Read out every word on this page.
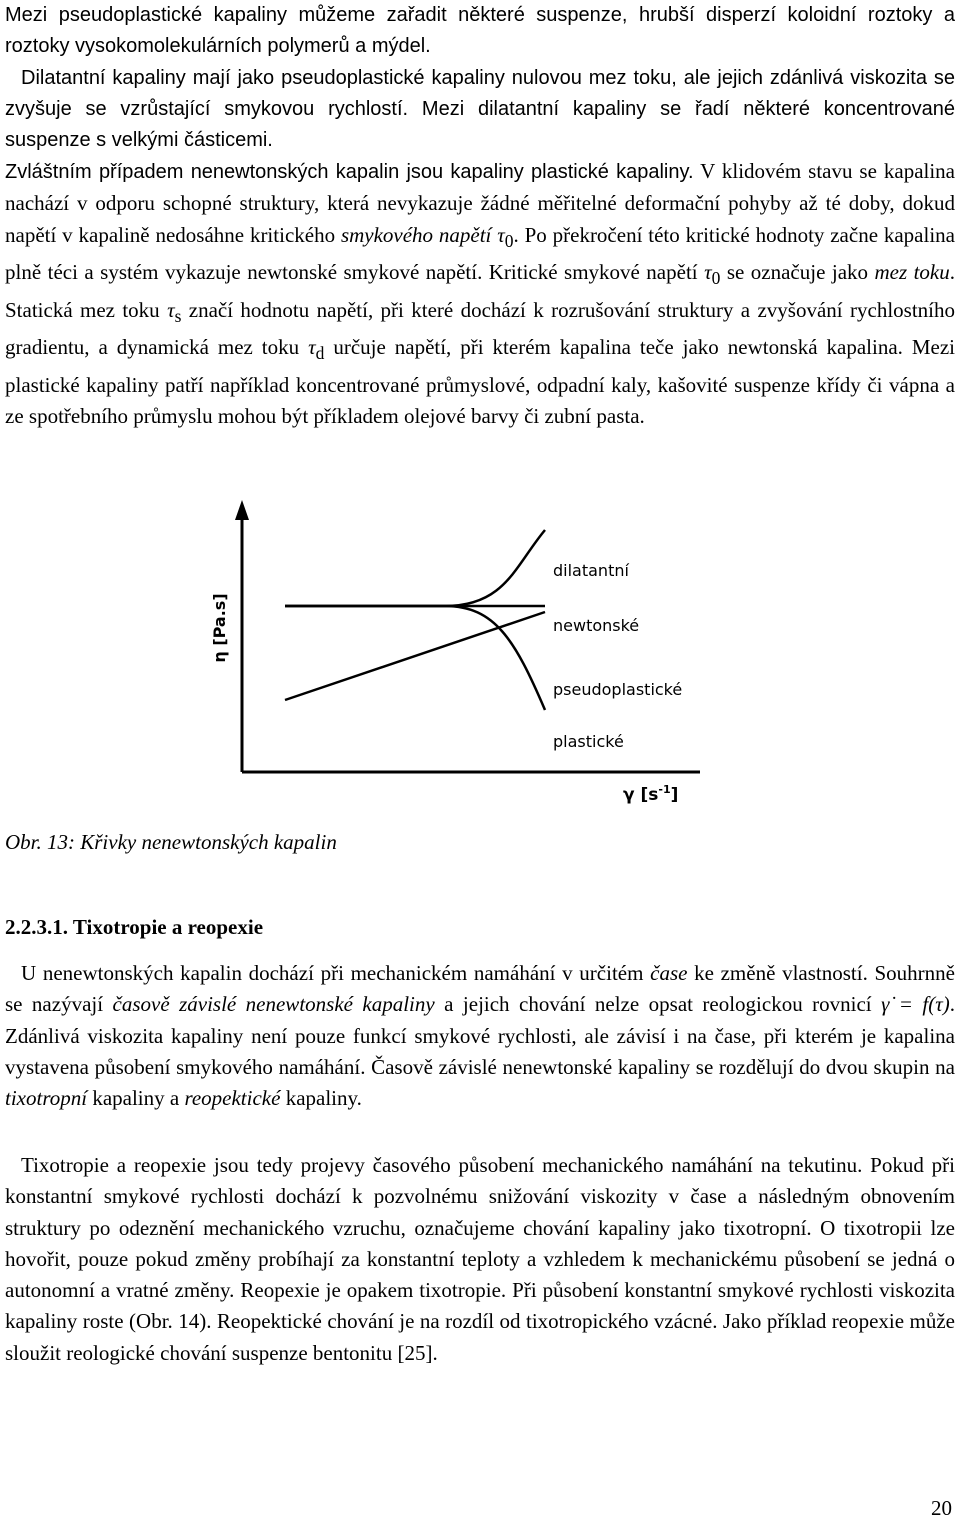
Mezi pseudoplastické kapaliny můžeme zařadit některé suspenze, hrubší disperzí koloidní roztoky a roztoky vysokomolekulárních polymerů a mýdel.
Dilatantní kapaliny mají jako pseudoplastické kapaliny nulovou mez toku, ale jejich zdánlivá viskozita se zvyšuje se vzrůstající smykovou rychlostí. Mezi dilatantní kapaliny se řadí některé koncentrované suspenze s velkými částicemi.

Zvláštním případem nenewtonských kapalin jsou kapaliny plastické kapaliny. V klidovém stavu se kapalina nachází v odporu schopné struktury, která nevykazuje žádné měřitelné deformační pohyby až té doby, dokud napětí v kapalině nedosáhne kritického smykového napětí $\tau_0$. Po překročení této kritické hodnoty začne kapalina plně téci a systém vykazuje newtonské smykové napětí. Kritické smykové napětí $\tau_0$ se označuje jako mez toku. Statická mez toku $\tau_s$ značí hodnotu napětí, při které dochází k rozrušování struktury a zvyšování rychlostního gradientu, a dynamická mez toku $\tau_d$ určuje napětí, při kterém kapalina teče jako newtonská kapalina. Mezi plastické kapaliny patří například koncentrované průmyslové, odpadní kaly, kašovité suspenze křídy či vápna a ze spotřebního průmyslu mohou být příkladem olejové barvy či zubní pasta.

η [Pa.s]
γ $[s^{-1}]$
dilatantní
newtonské
pseudoplastické
plastické

Obr. 13: Křivky nenewtonských kapalin

2.2.3.1. Tixotropie a reopexie

U nenewtonských kapalin dochází při mechanickém namáhání v určitém čase ke změně vlastností. Souhrnně se nazývají časově závislé nenewtonské kapaliny a jejich chování nelze opsat reologickou rovnicí γ̇ = f(τ). Zdánlivá viskozita kapaliny není pouze funkcí smykové rychlosti, ale závisí i na čase, při kterém je kapalina vystavena působení smykového namáhání. Časově závislé nenewtonské kapaliny se rozdělují do dvou skupin na tixotropní kapaliny a reopektické kapaliny.

Tixotropie a reopexie jsou tedy projevy časového působení mechanického namáhání na tekutinu. Pokud při konstantní smykové rychlosti dochází k pozvolnému snižování viskozity v čase a následným obnovením struktury po odeznění mechanického vzruchu, označujeme chování kapaliny jako tixotropní. O tixotropii lze hovořit, pouze pokud změny probíhají za konstantní teploty a vzhledem k mechanickému působení se jedná o autonomní a vratné změny. Reopexie je opakem tixotropie. Při působení konstantní smykové rychlosti viskozita kapaliny roste (Obr. 14). Reopektické chování je na rozdíl od tixotropického vzácné. Jako příklad reopexie může sloužit reologické chování suspenze bentonitu [25].

20
